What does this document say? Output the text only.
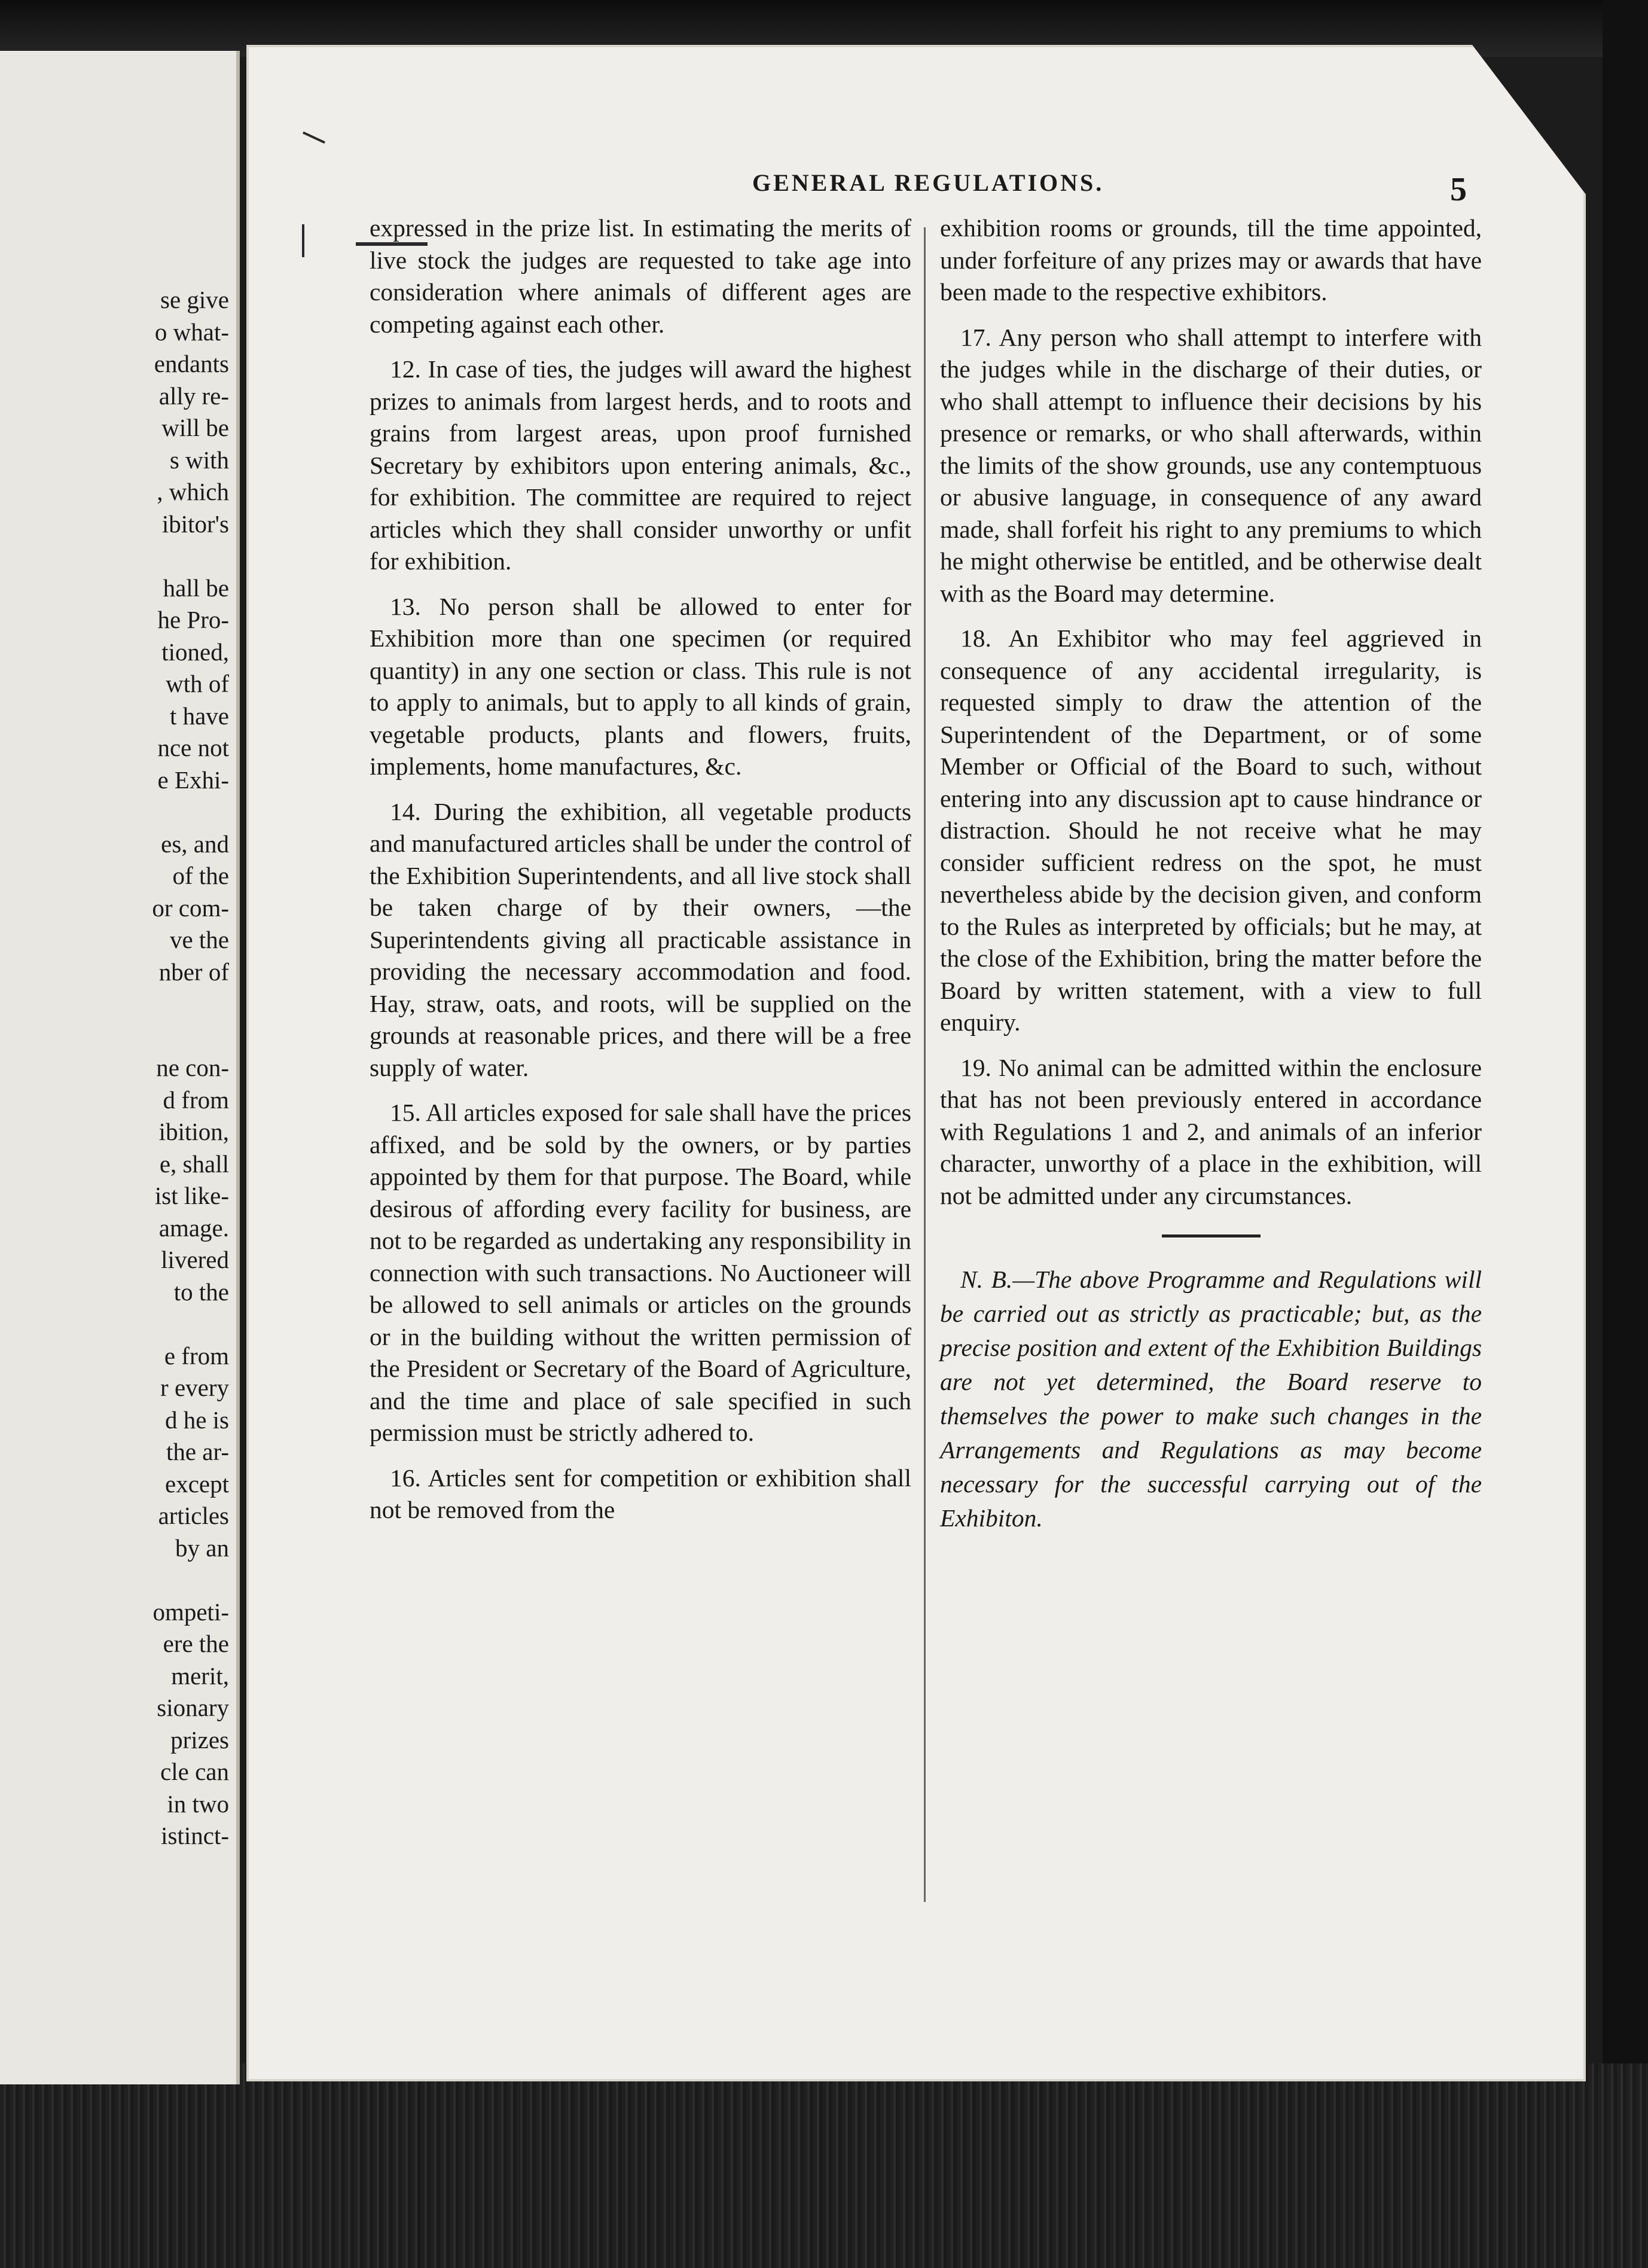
se give
o what-
endants
ally re-
will be
s with
, which
ibitor's
hall be
he Pro-
tioned,
wth of
t have
nce not
e Exhi-
es, and
of the
or com-
ve the
nber of
ne con-
d from
ibition,
e, shall
ist like-
amage.
livered
to the
e from
r every
d he is
the ar-
except
articles
by an
ompeti-
ere the
merit,
sionary
prizes
cle can
in two
istinct-
GENERAL REGULATIONS.	5

expressed in the prize list. In estimating the merits of live stock the judges are requested to take age into consideration where animals of different ages are competing against each other.

12. In case of ties, the judges will award the highest prizes to animals from largest herds, and to roots and grains from largest areas, upon proof furnished Secretary by exhibitors upon entering animals, &c., for exhibition. The committee are required to reject articles which they shall consider unworthy or unfit for exhibition.

13. No person shall be allowed to enter for Exhibition more than one specimen (or required quantity) in any one section or class. This rule is not to apply to animals, but to apply to all kinds of grain, vegetable products, plants and flowers, fruits, implements, home manufactures, &c.

14. During the exhibition, all vegetable products and manufactured articles shall be under the control of the Exhibition Superintendents, and all live stock shall be taken charge of by their owners, —the Superintendents giving all practicable assistance in providing the necessary accommodation and food. Hay, straw, oats, and roots, will be supplied on the grounds at reasonable prices, and there will be a free supply of water.

15. All articles exposed for sale shall have the prices affixed, and be sold by the owners, or by parties appointed by them for that purpose. The Board, while desirous of affording every facility for business, are not to be regarded as undertaking any responsibility in connection with such transactions. No Auctioneer will be allowed to sell animals or articles on the grounds or in the building without the written permission of the President or Secretary of the Board of Agriculture, and the time and place of sale specified in such permission must be strictly adhered to.

16. Articles sent for competition or exhibition shall not be removed from the

exhibition rooms or grounds, till the time appointed, under forfeiture of any prizes may or awards that have been made to the respective exhibitors.

17. Any person who shall attempt to interfere with the judges while in the discharge of their duties, or who shall attempt to influence their decisions by his presence or remarks, or who shall afterwards, within the limits of the show grounds, use any contemptuous or abusive language, in consequence of any award made, shall forfeit his right to any premiums to which he might otherwise be entitled, and be otherwise dealt with as the Board may determine.

18. An Exhibitor who may feel aggrieved in consequence of any accidental irregularity, is requested simply to draw the attention of the Superintendent of the Department, or of some Member or Official of the Board to such, without entering into any discussion apt to cause hindrance or distraction. Should he not receive what he may consider sufficient redress on the spot, he must nevertheless abide by the decision given, and conform to the Rules as interpreted by officials; but he may, at the close of the Exhibition, bring the matter before the Board by written statement, with a view to full enquiry.

19. No animal can be admitted within the enclosure that has not been previously entered in accordance with Regulations 1 and 2, and animals of an inferior character, unworthy of a place in the exhibition, will not be admitted under any circumstances.

N. B.—The above Programme and Regulations will be carried out as strictly as practicable; but, as the precise position and extent of the Exhibition Buildings are not yet determined, the Board reserve to themselves the power to make such changes in the Arrangements and Regulations as may become necessary for the successful carrying out of the Exhibiton.
